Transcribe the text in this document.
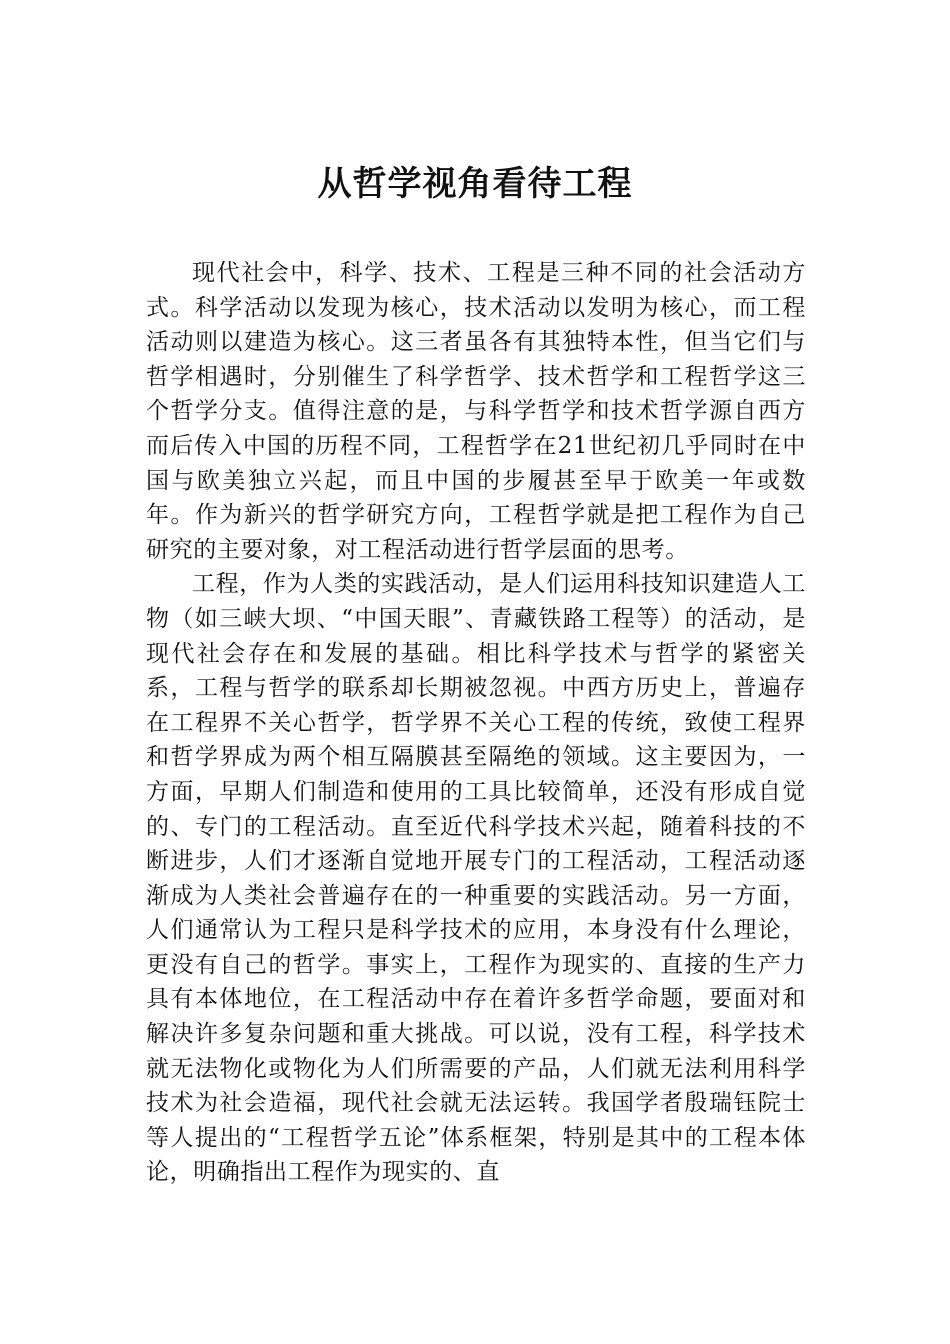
从哲学视角看待工程

现代社会中，科学、技术、工程是三种不同的社会活动方式。科学活动以发现为核心，技术活动以发明为核心，而工程活动则以建造为核心。这三者虽各有其独特本性，但当它们与哲学相遇时，分别催生了科学哲学、技术哲学和工程哲学这三个哲学分支。值得注意的是，与科学哲学和技术哲学源自西方而后传入中国的历程不同，工程哲学在21世纪初几乎同时在中国与欧美独立兴起，而且中国的步履甚至早于欧美一年或数年。作为新兴的哲学研究方向，工程哲学就是把工程作为自己研究的主要对象，对工程活动进行哲学层面的思考。

工程，作为人类的实践活动，是人们运用科技知识建造人工物（如三峡大坝、“中国天眼”、青藏铁路工程等）的活动，是现代社会存在和发展的基础。相比科学技术与哲学的紧密关系，工程与哲学的联系却长期被忽视。中西方历史上，普遍存在工程界不关心哲学，哲学界不关心工程的传统，致使工程界和哲学界成为两个相互隔膜甚至隔绝的领域。这主要因为，一方面，早期人们制造和使用的工具比较简单，还没有形成自觉的、专门的工程活动。直至近代科学技术兴起，随着科技的不断进步，人们才逐渐自觉地开展专门的工程活动，工程活动逐渐成为人类社会普遍存在的一种重要的实践活动。另一方面，人们通常认为工程只是科学技术的应用，本身没有什么理论，更没有自己的哲学。事实上，工程作为现实的、直接的生产力具有本体地位，在工程活动中存在着许多哲学命题，要面对和解决许多复杂问题和重大挑战。可以说，没有工程，科学技术就无法物化或物化为人们所需要的产品，人们就无法利用科学技术为社会造福，现代社会就无法运转。我国学者殷瑞钰院士等人提出的“工程哲学五论”体系框架，特别是其中的工程本体论，明确指出工程作为现实的、直
